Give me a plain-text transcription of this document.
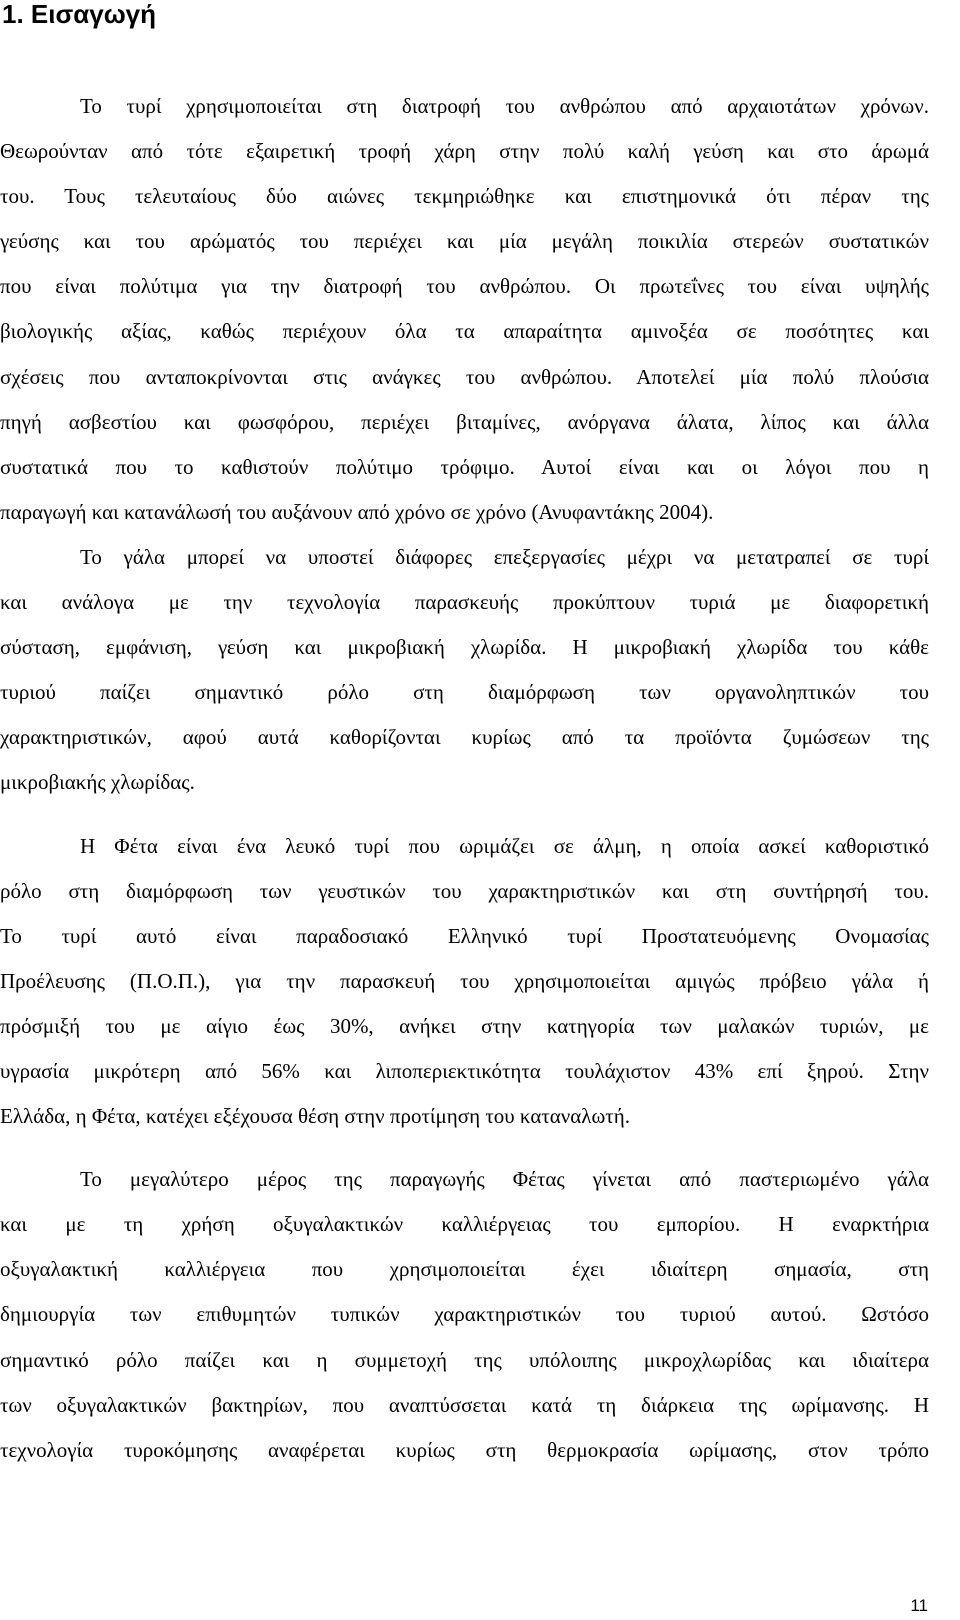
1. Εισαγωγή
Το τυρί χρησιμοποιείται στη διατροφή του ανθρώπου από αρχαιοτάτων χρόνων.
Θεωρούνταν από τότε εξαιρετική τροφή χάρη στην πολύ καλή γεύση και στο άρωμά
του. Τους τελευταίους δύο αιώνες τεκμηριώθηκε και επιστημονικά ότι πέραν της
γεύσης και του αρώματός του περιέχει και μία μεγάλη ποικιλία στερεών συστατικών
που είναι πολύτιμα για την διατροφή του ανθρώπου. Οι πρωτεΐνες του είναι υψηλής
βιολογικής αξίας, καθώς περιέχουν όλα τα απαραίτητα αμινοξέα σε ποσότητες και
σχέσεις που ανταποκρίνονται στις ανάγκες του ανθρώπου. Αποτελεί μία πολύ πλούσια
πηγή ασβεστίου και φωσφόρου, περιέχει βιταμίνες, ανόργανα άλατα, λίπος και άλλα
συστατικά που το καθιστούν πολύτιμο τρόφιμο. Αυτοί είναι και οι λόγοι που η
παραγωγή και κατανάλωσή του αυξάνουν από χρόνο σε χρόνο (Ανυφαντάκης 2004).
Το γάλα μπορεί να υποστεί διάφορες επεξεργασίες μέχρι να μετατραπεί σε τυρί
και ανάλογα με την τεχνολογία παρασκευής προκύπτουν τυριά με διαφορετική
σύσταση, εμφάνιση, γεύση και μικροβιακή χλωρίδα. Η μικροβιακή χλωρίδα του κάθε
τυριού παίζει σημαντικό ρόλο στη διαμόρφωση των οργανοληπτικών του
χαρακτηριστικών, αφού αυτά καθορίζονται κυρίως από τα προϊόντα ζυμώσεων της
μικροβιακής χλωρίδας.
Η Φέτα είναι ένα λευκό τυρί που ωριμάζει σε άλμη, η οποία ασκεί καθοριστικό
ρόλο στη διαμόρφωση των γευστικών του χαρακτηριστικών και στη συντήρησή του.
Το τυρί αυτό είναι παραδοσιακό Ελληνικό τυρί Προστατευόμενης Ονομασίας
Προέλευσης (Π.Ο.Π.), για την παρασκευή του χρησιμοποιείται αμιγώς πρόβειο γάλα ή
πρόσμιξή του με αίγιο έως 30%, ανήκει στην κατηγορία των μαλακών τυριών, με
υγρασία μικρότερη από 56% και λιποπεριεκτικότητα τουλάχιστον 43% επί ξηρού. Στην
Ελλάδα, η Φέτα, κατέχει εξέχουσα θέση στην προτίμηση του καταναλωτή.
Το μεγαλύτερο μέρος της παραγωγής Φέτας γίνεται από παστεριωμένο γάλα
και με τη χρήση οξυγαλακτικών καλλιέργειας του εμπορίου. Η εναρκτήρια
οξυγαλακτική καλλιέργεια που χρησιμοποιείται έχει ιδιαίτερη σημασία, στη
δημιουργία των επιθυμητών τυπικών χαρακτηριστικών του τυριού αυτού. Ωστόσο
σημαντικό ρόλο παίζει και η συμμετοχή της υπόλοιπης μικροχλωρίδας και ιδιαίτερα
των οξυγαλακτικών βακτηρίων, που αναπτύσσεται κατά τη διάρκεια της ωρίμανσης. Η
τεχνολογία τυροκόμησης αναφέρεται κυρίως στη θερμοκρασία ωρίμασης, στον τρόπο
11
